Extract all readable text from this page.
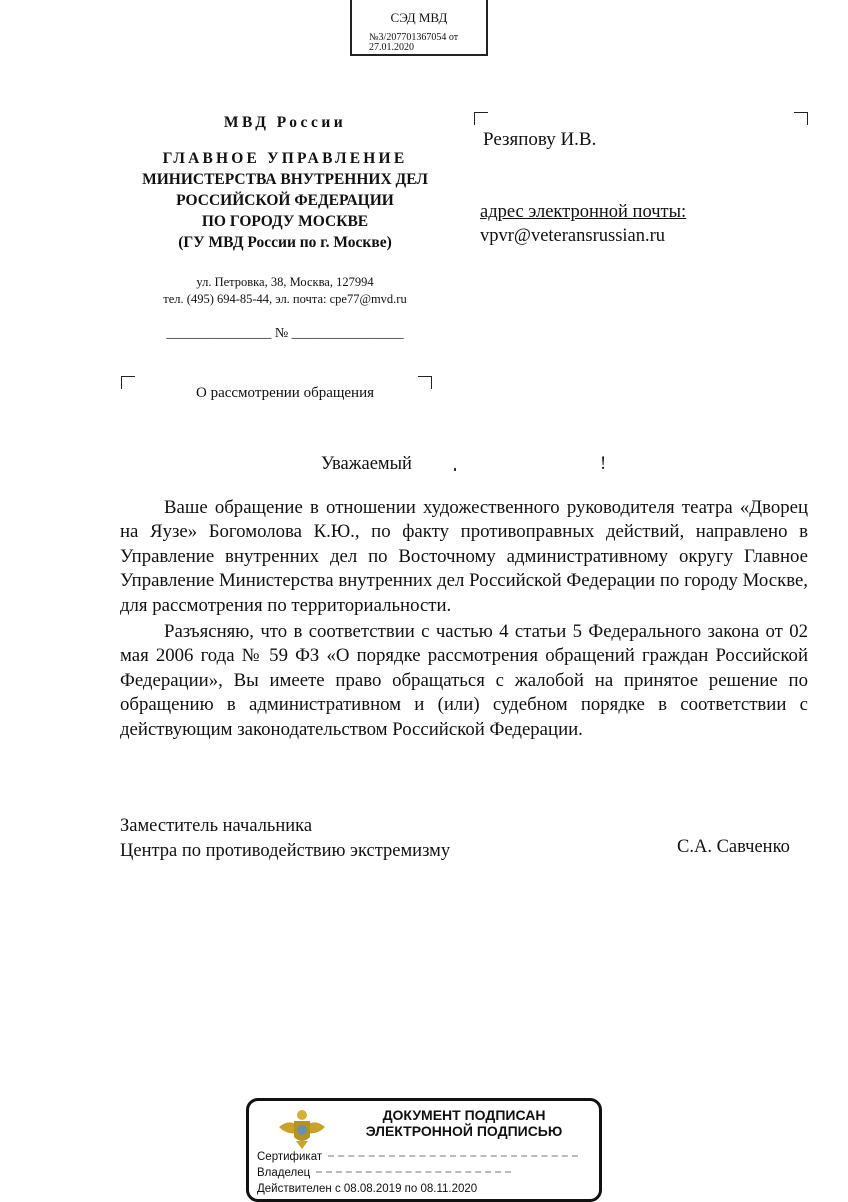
СЭД МВД
№3/207701367054 от
27.01.2020
МВД России
ГЛАВНОЕ УПРАВЛЕНИЕ
МИНИСТЕРСТВА ВНУТРЕННИХ ДЕЛ
РОССИЙСКОЙ ФЕДЕРАЦИИ
ПО ГОРОДУ МОСКВЕ
(ГУ МВД России по г. Москве)
ул. Петровка, 38, Москва, 127994
тел. (495) 694-85-44, эл. почта: cpe77@mvd.ru
_______________ № ________________
О рассмотрении обращения
Резяпову И.В.
адрес электронной почты:
vpvr@veteransrussian.ru
Уважаемый	!

Ваше обращение в отношении художественного руководителя театра «Дворец на Яузе» Богомолова К.Ю., по факту противоправных действий, направлено в Управление внутренних дел по Восточному административному округу Главное Управление Министерства внутренних дел Российской Федерации по городу Москве, для рассмотрения по территориальности.

Разъясняю, что в соответствии с частью 4 статьи 5 Федерального закона от 02 мая 2006 года № 59 ФЗ «О порядке рассмотрения обращений граждан Российской Федерации», Вы имеете право обращаться с жалобой на принятое решение по обращению в административном и (или) судебном порядке в соответствии с действующим законодательством Российской Федерации.

Заместитель начальника
Центра по противодействию экстремизму	С.А. Савченко
ДОКУМЕНТ ПОДПИСАН
ЭЛЕКТРОННОЙ ПОДПИСЬЮ
Сертификат
Владелец
Действителен с 08.08.2019 по 08.11.2020
